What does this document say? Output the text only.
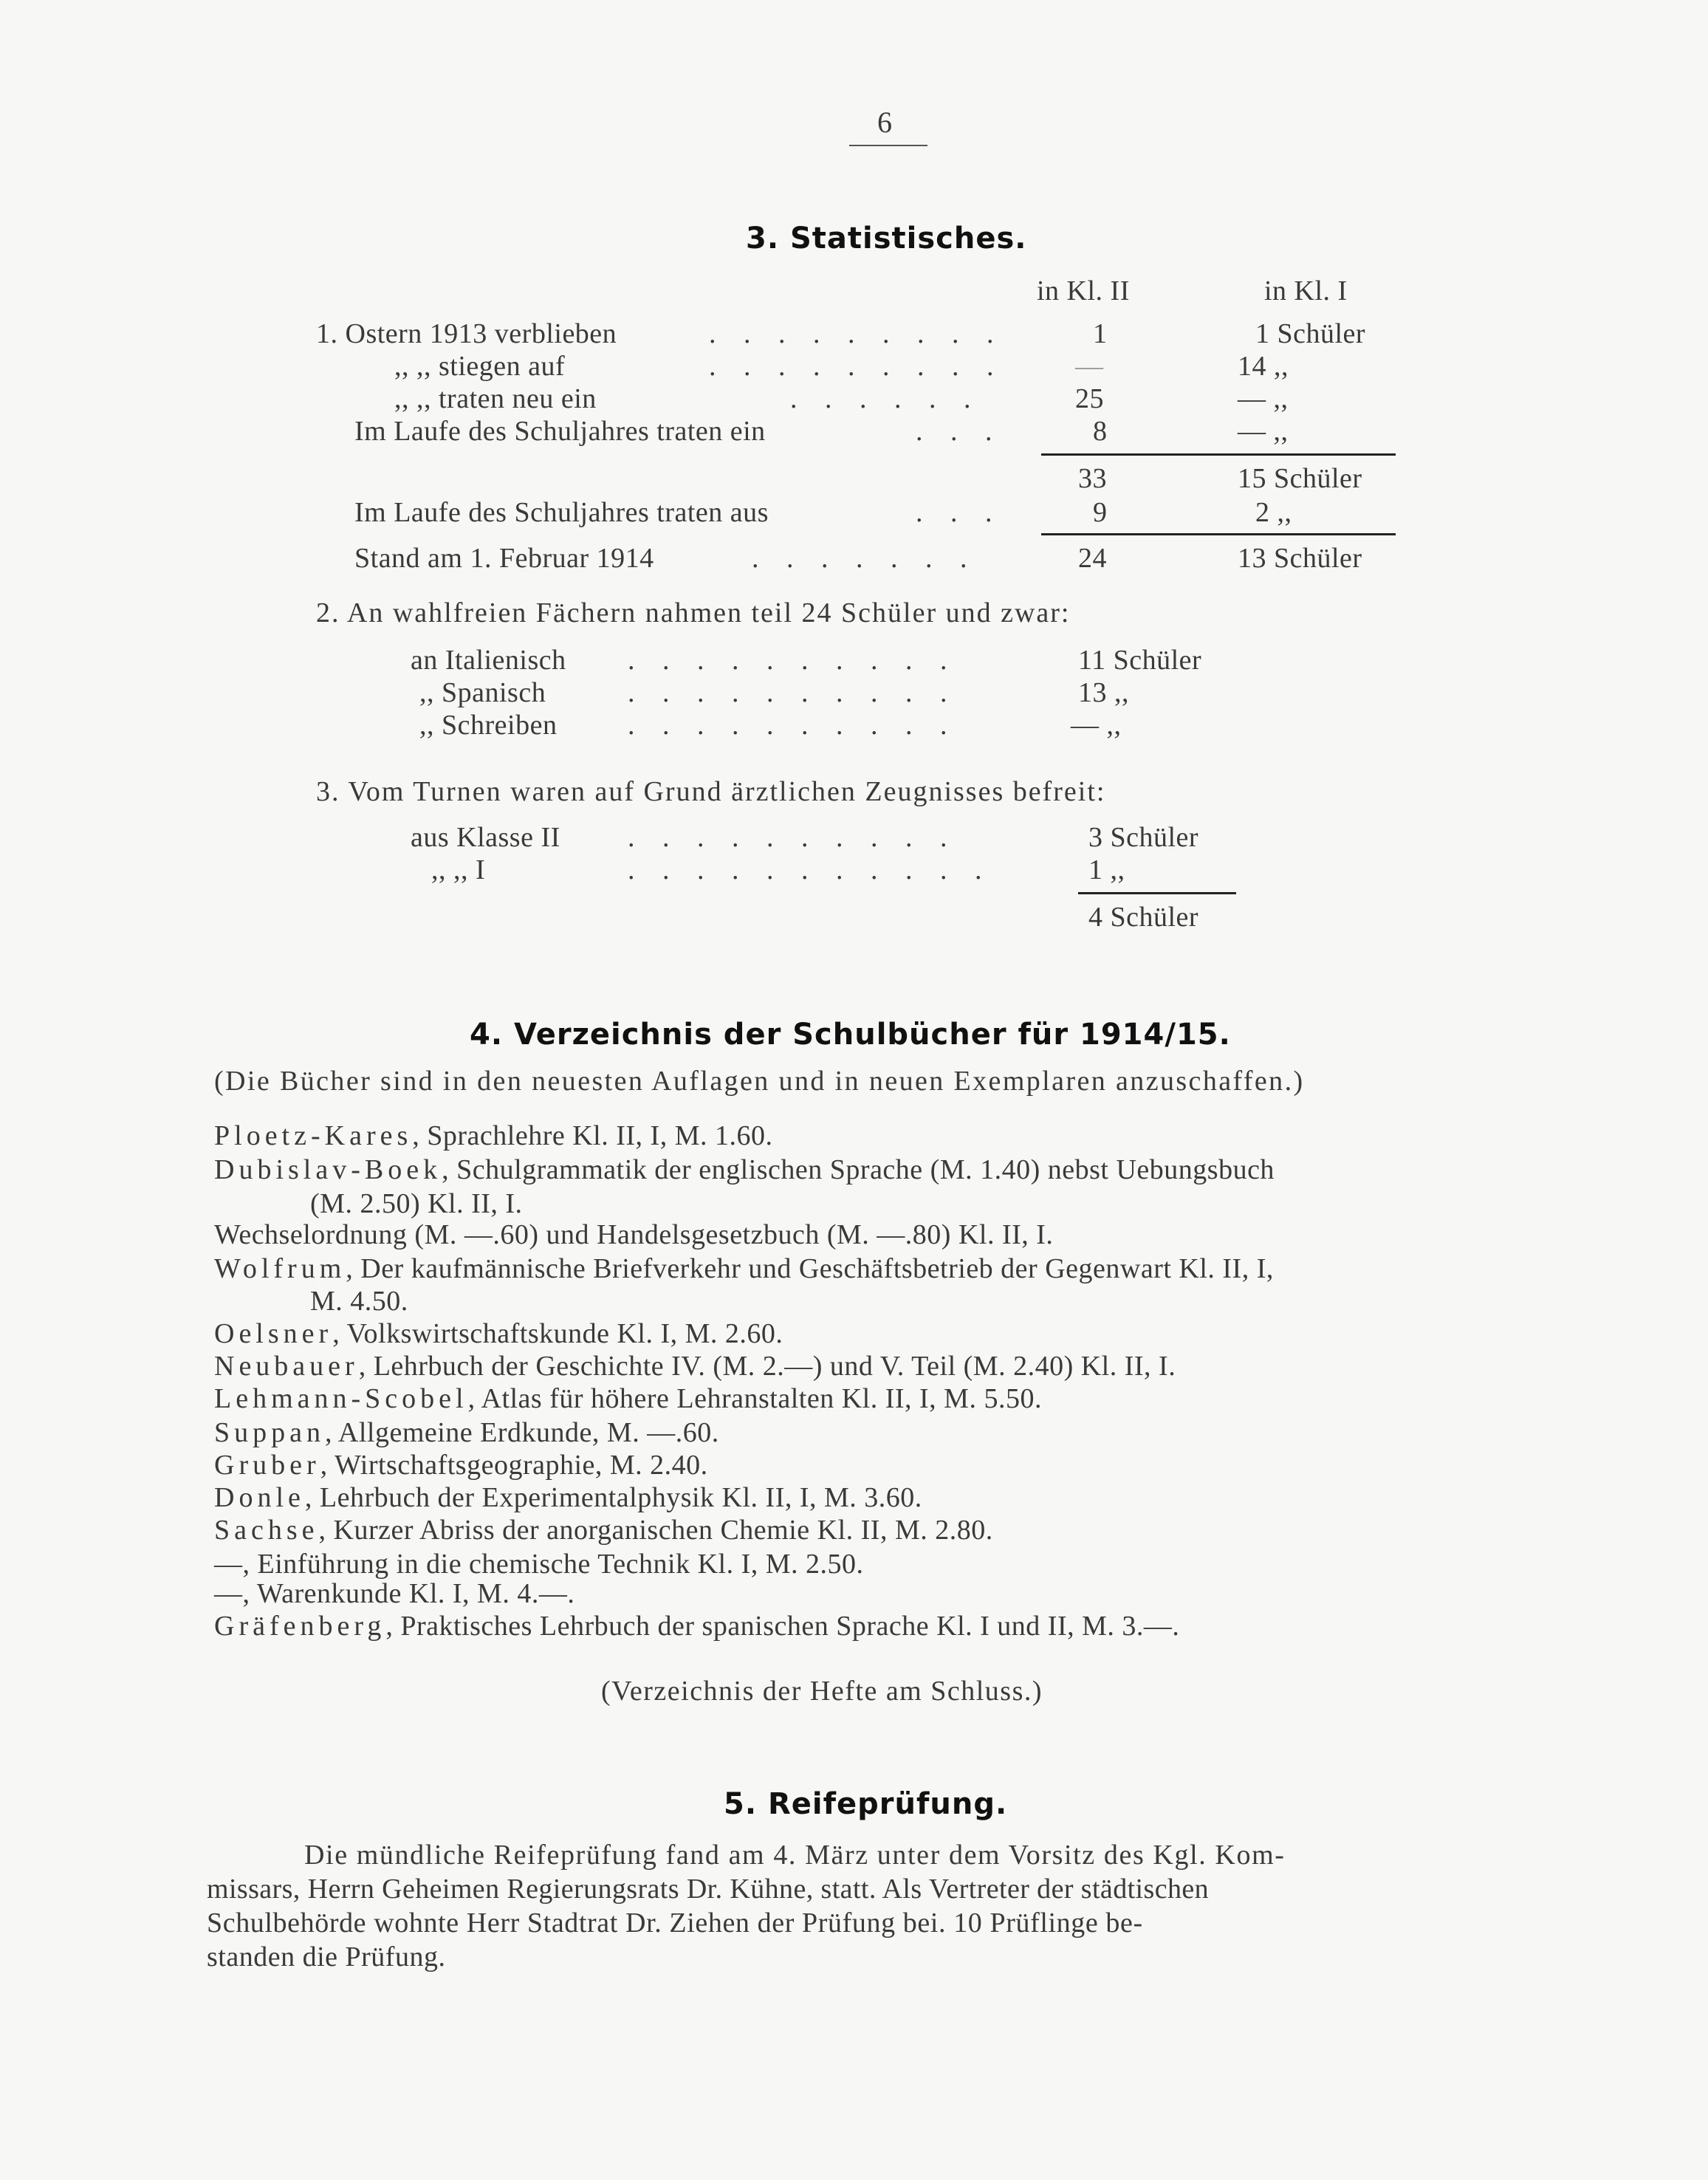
6
3. Statistisches.
in Kl. II	in Kl. I
1. Ostern 1913 verblieben	. . . . . . . . .	1	1 Schüler
,, ,, stiegen auf	. . . . . . . . .	—	14 ,,
,, ,, traten neu ein	. . . . . .	25	— ,,
Im Laufe des Schuljahres traten ein	. . .	8	— ,,
33	15 Schüler
Im Laufe des Schuljahres traten aus	. . .	9	2 ,,
Stand am 1. Februar 1914	. . . . . . .	24	13 Schüler
2. An wahlfreien Fächern nahmen teil 24 Schüler und zwar:
an Italienisch . . . . . . . . . .	11 Schüler
,, Spanisch	. . . . . . . . . .	13 ,,
,, Schreiben	. . . . . . . . . .	— ,,
3. Vom Turnen waren auf Grund ärztlichen Zeugnisses befreit:
aus Klasse II . . . . . . . . . .	3 Schüler
,, ,, I	. . . . . . . . . . .	1 ,,
4 Schüler
4. Verzeichnis der Schulbücher für 1914/15.
(Die Bücher sind in den neuesten Auflagen und in neuen Exemplaren anzuschaffen.)
Ploetz-Kares, Sprachlehre Kl. II, I, M. 1.60.
Dubislav-Boek, Schulgrammatik der englischen Sprache (M. 1.40) nebst Uebungsbuch
(M. 2.50) Kl. II, I.
Wechselordnung (M. —.60) und Handelsgesetzbuch (M. —.80) Kl. II, I.
Wolfrum, Der kaufmännische Briefverkehr und Geschäftsbetrieb der Gegenwart Kl. II, I,
M. 4.50.
Oelsner, Volkswirtschaftskunde Kl. I, M. 2.60.
Neubauer, Lehrbuch der Geschichte IV. (M. 2.—) und V. Teil (M. 2.40) Kl. II, I.
Lehmann-Scobel, Atlas für höhere Lehranstalten Kl. II, I, M. 5.50.
Suppan, Allgemeine Erdkunde, M. —.60.
Gruber, Wirtschaftsgeographie, M. 2.40.
Donle, Lehrbuch der Experimentalphysik Kl. II, I, M. 3.60.
Sachse, Kurzer Abriss der anorganischen Chemie Kl. II, M. 2.80.
—, Einführung in die chemische Technik Kl. I, M. 2.50.
—, Warenkunde Kl. I, M. 4.—.
Gräfenberg, Praktisches Lehrbuch der spanischen Sprache Kl. I und II, M. 3.—.
(Verzeichnis der Hefte am Schluss.)
5. Reifeprüfung.
Die mündliche Reifeprüfung fand am 4. März unter dem Vorsitz des Kgl. Kom-
missars, Herrn Geheimen Regierungsrats Dr. Kühne, statt. Als Vertreter der städtischen
Schulbehörde wohnte Herr Stadtrat Dr. Ziehen der Prüfung bei. 10 Prüflinge be-
standen die Prüfung.
